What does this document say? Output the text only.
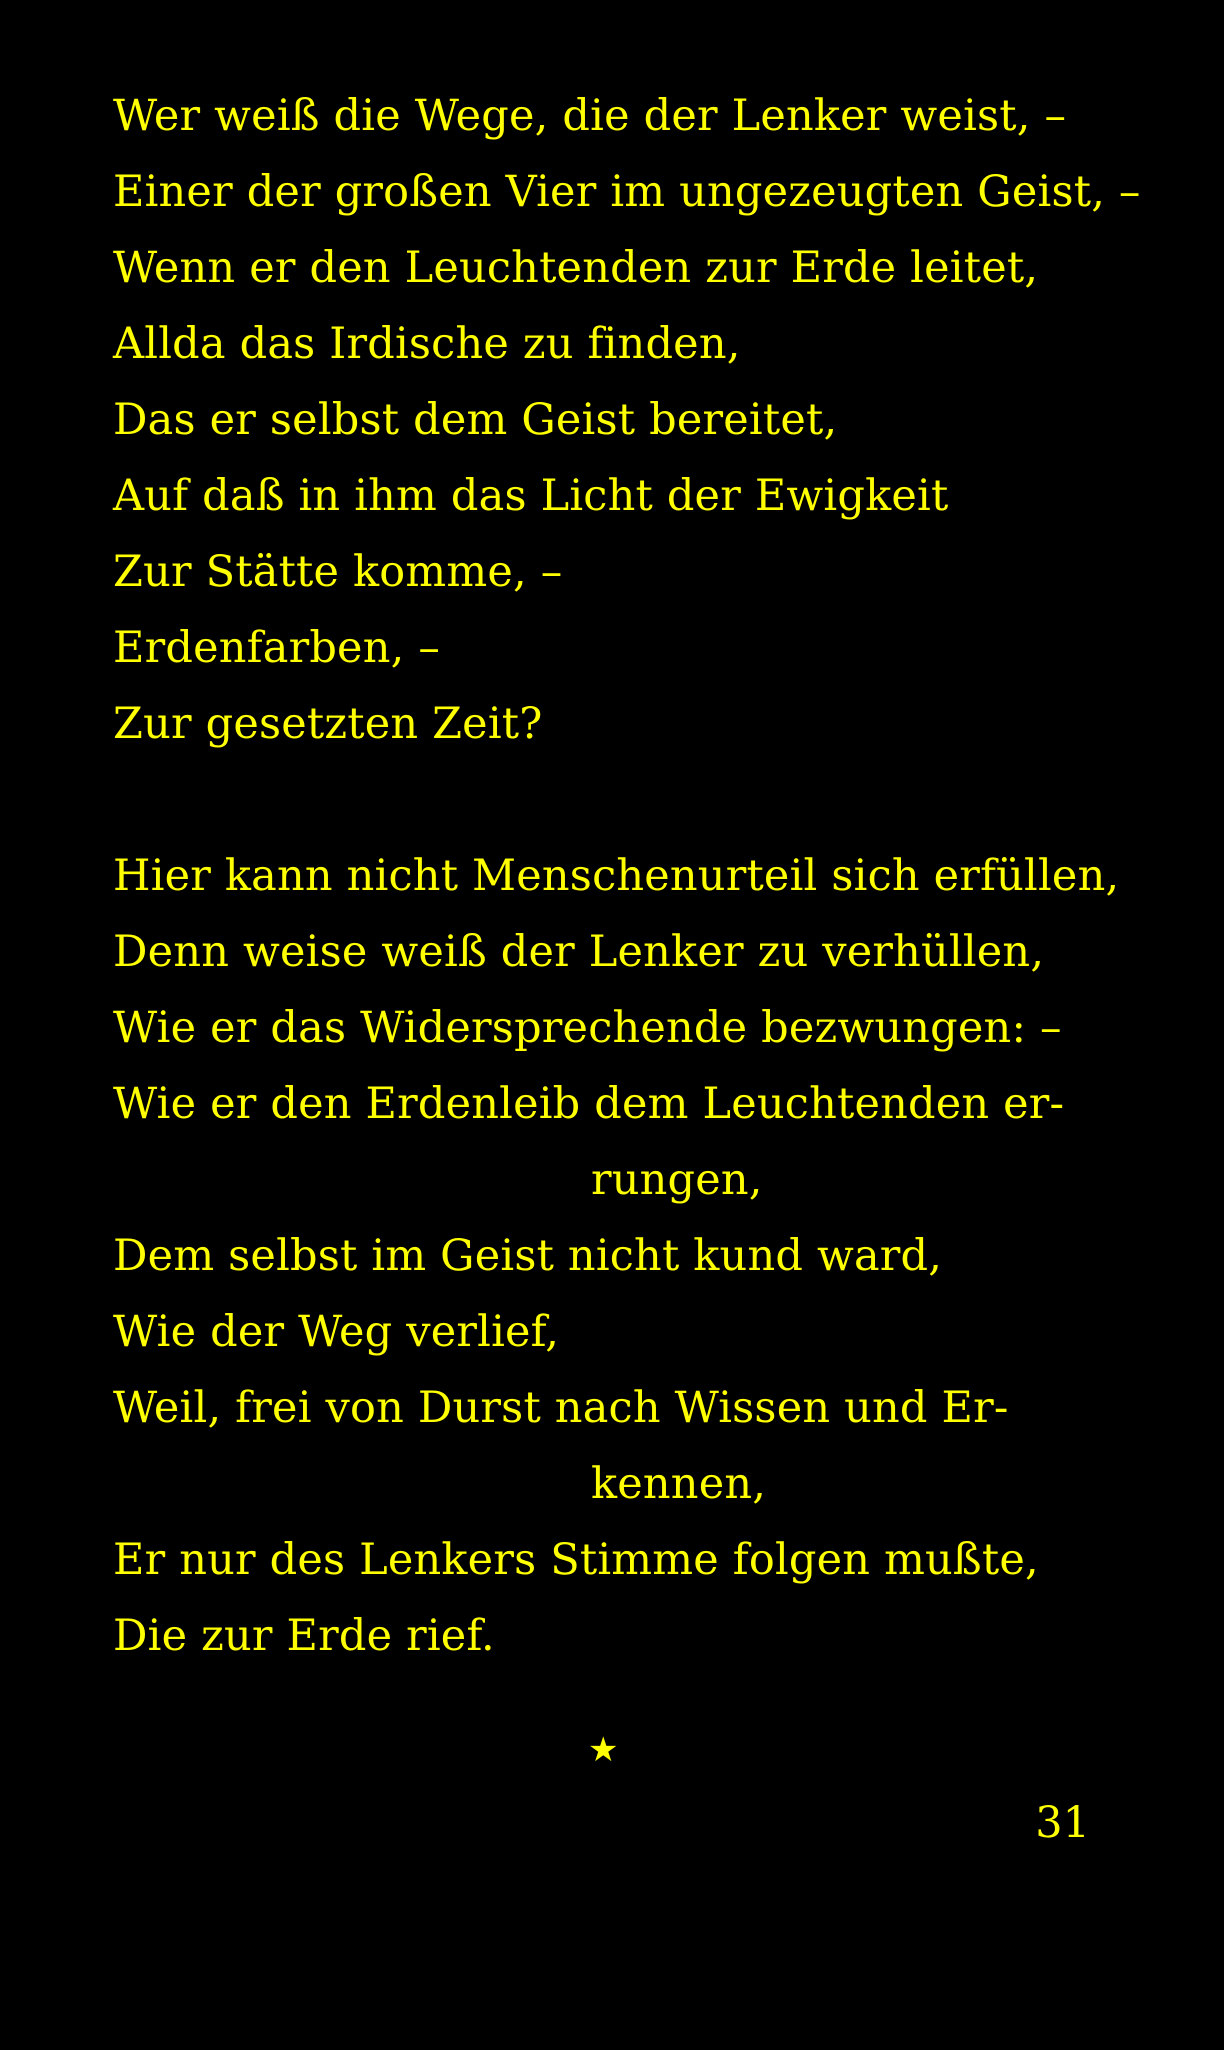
Wer weiß die Wege, die der Lenker weist, –
Einer der großen Vier im ungezeugten Geist, –
Wenn er den Leuchtenden zur Erde leitet,
Allda das Irdische zu finden,
Das er selbst dem Geist bereitet,
Auf daß in ihm das Licht der Ewigkeit
Zur Stätte komme, –
Erdenfarben, –
Zur gesetzten Zeit?
Hier kann nicht Menschenurteil sich erfüllen,
Denn weise weiß der Lenker zu verhüllen,
Wie er das Widersprechende bezwungen: –
Wie er den Erdenleib dem Leuchtenden er-
rungen,
Dem selbst im Geist nicht kund ward,
Wie der Weg verlief,
Weil, frei von Durst nach Wissen und Er-
kennen,
Er nur des Lenkers Stimme folgen mußte,
Die zur Erde rief.
★
31
